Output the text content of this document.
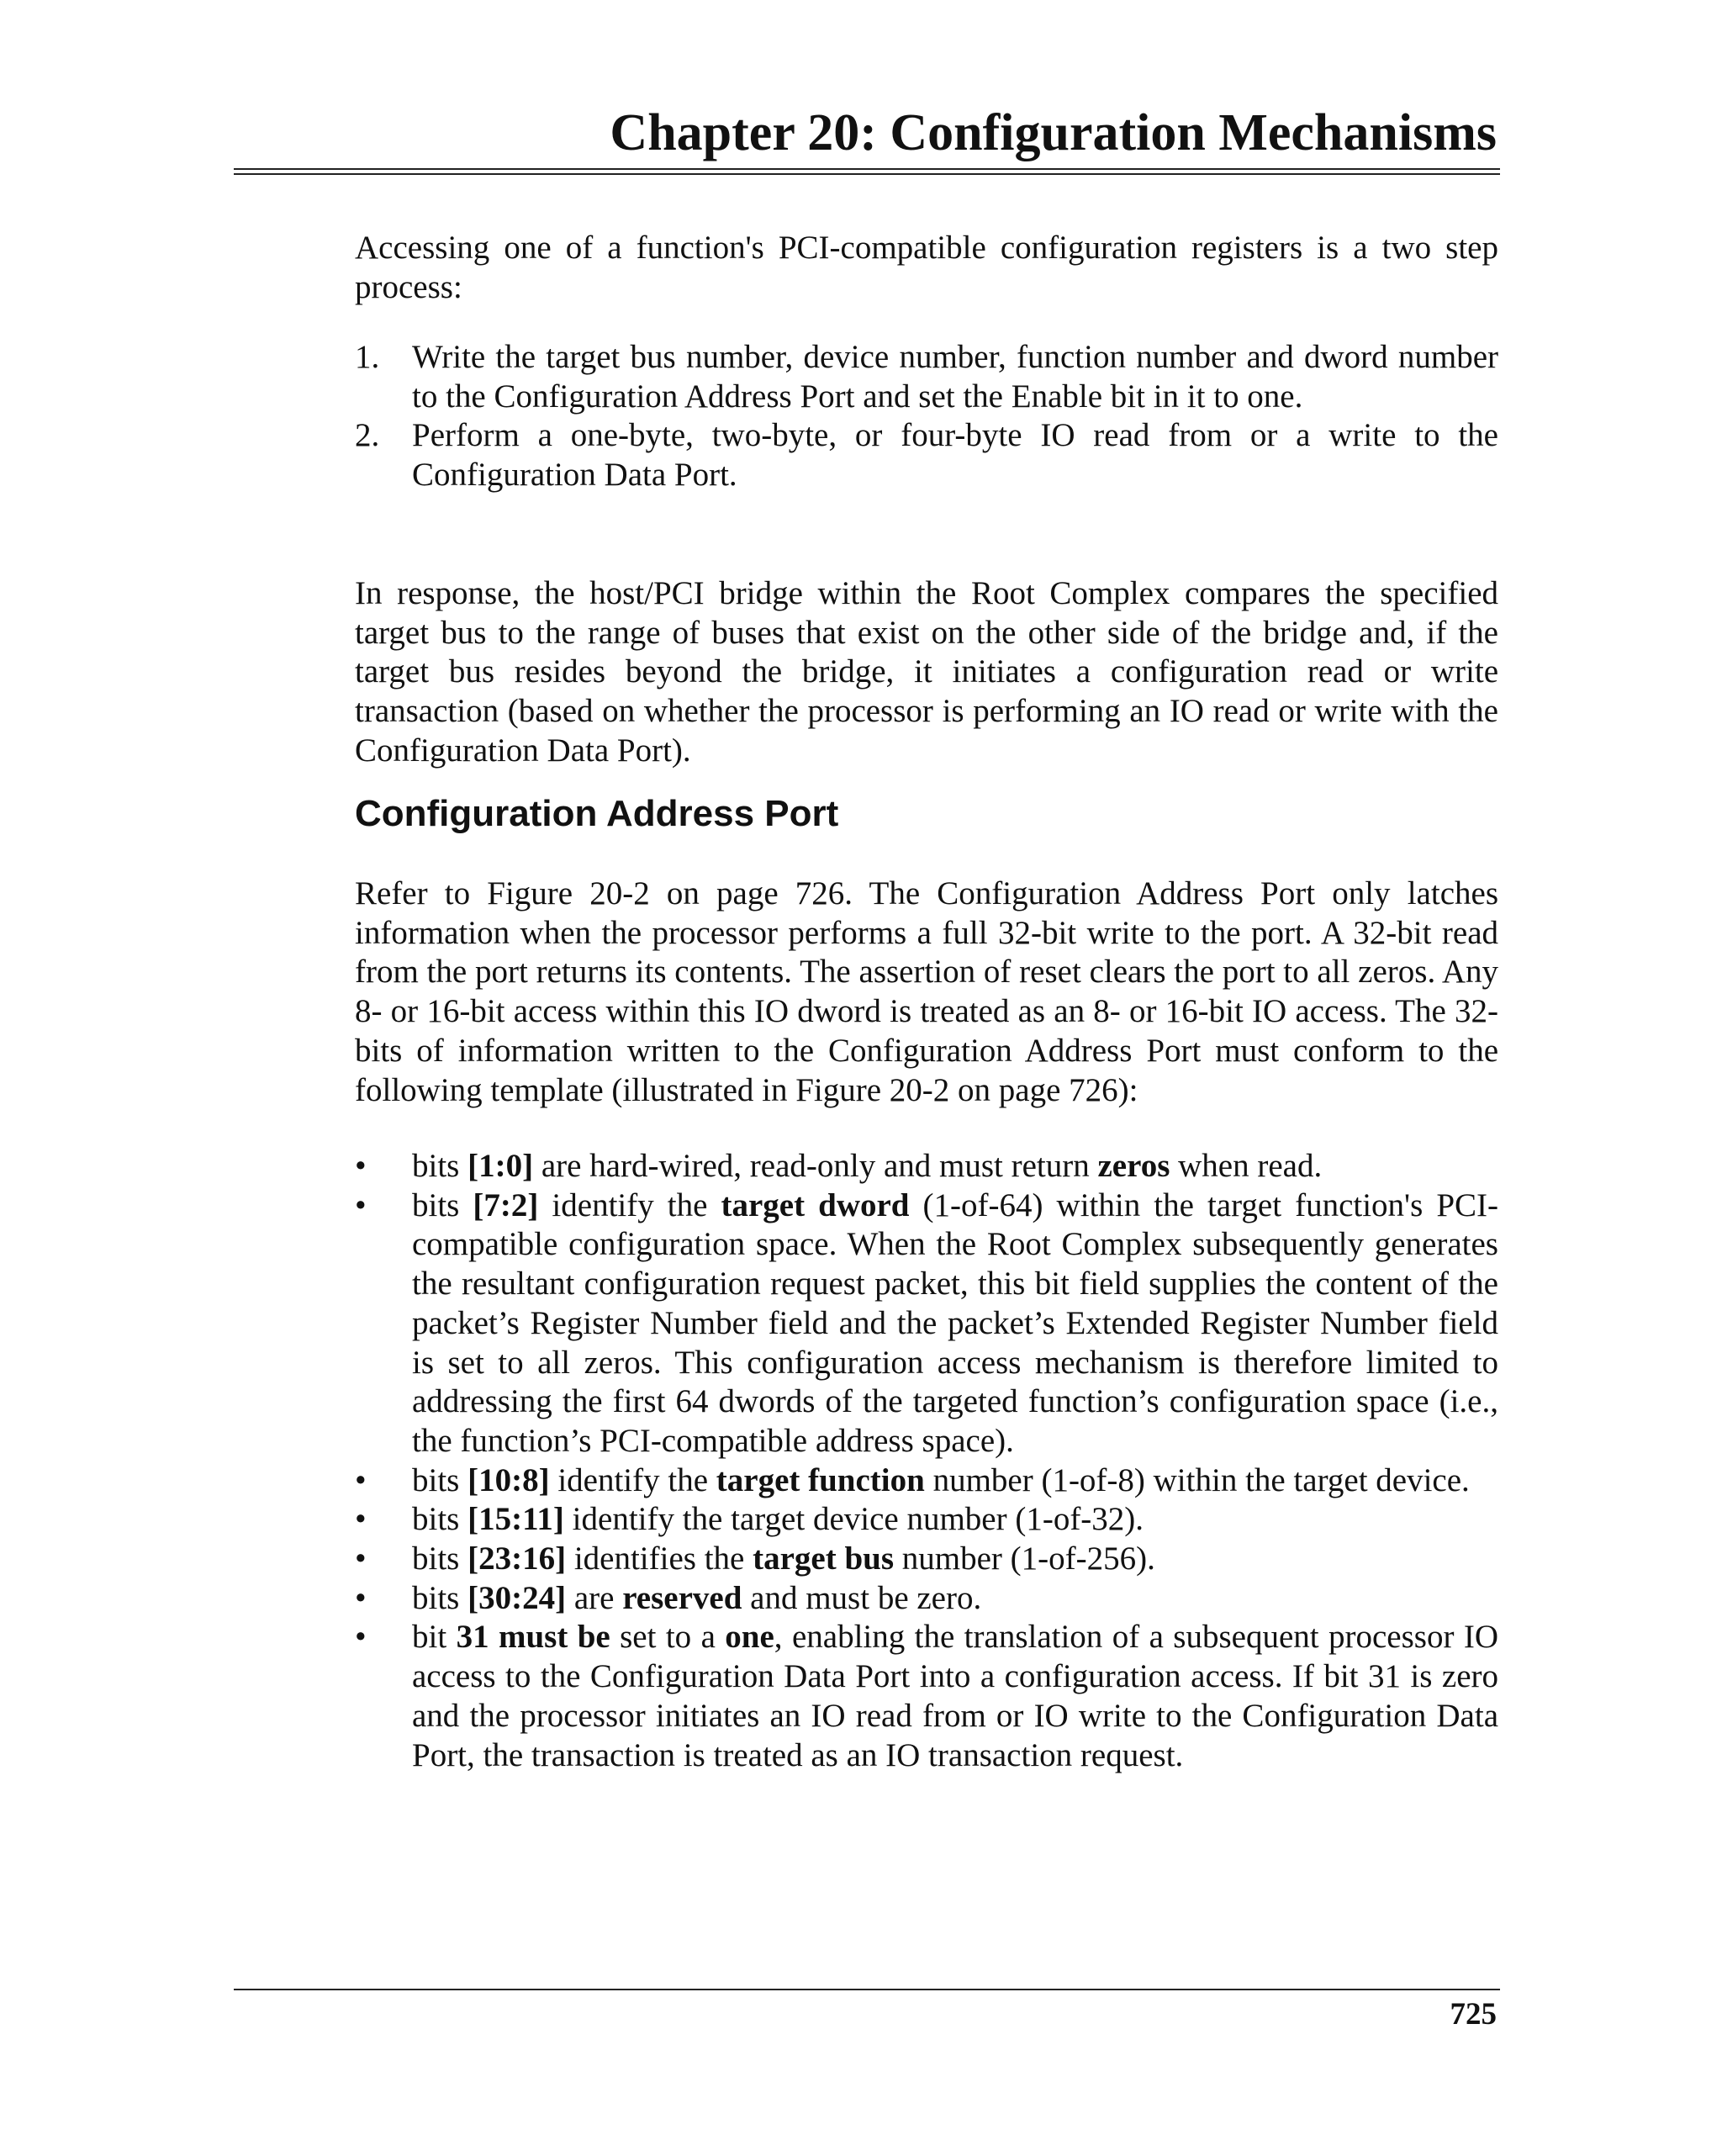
Chapter 20: Configuration Mechanisms

Accessing one of a function's PCI-compatible configuration registers is a two step process:

1. Write the target bus number, device number, function number and dword number to the Configuration Address Port and set the Enable bit in it to one.
2. Perform a one-byte, two-byte, or four-byte IO read from or a write to the Configuration Data Port.

In response, the host/PCI bridge within the Root Complex compares the specified target bus to the range of buses that exist on the other side of the bridge and, if the target bus resides beyond the bridge, it initiates a configuration read or write transaction (based on whether the processor is performing an IO read or write with the Configuration Data Port).

Configuration Address Port

Refer to Figure 20-2 on page 726. The Configuration Address Port only latches information when the processor performs a full 32-bit write to the port. A 32-bit read from the port returns its contents. The assertion of reset clears the port to all zeros. Any 8- or 16-bit access within this IO dword is treated as an 8- or 16-bit IO access. The 32-bits of information written to the Configuration Address Port must conform to the following template (illustrated in Figure 20-2 on page 726):

• bits [1:0] are hard-wired, read-only and must return zeros when read.
• bits [7:2] identify the target dword (1-of-64) within the target function's PCI-compatible configuration space. When the Root Complex subsequently generates the resultant configuration request packet, this bit field supplies the content of the packet’s Register Number field and the packet’s Extended Register Number field is set to all zeros. This configuration access mechanism is therefore limited to addressing the first 64 dwords of the targeted function’s configuration space (i.e., the function’s PCI-compatible address space).
• bits [10:8] identify the target function number (1-of-8) within the target device.
• bits [15:11] identify the target device number (1-of-32).
• bits [23:16] identifies the target bus number (1-of-256).
• bits [30:24] are reserved and must be zero.
• bit 31 must be set to a one, enabling the translation of a subsequent processor IO access to the Configuration Data Port into a configuration access. If bit 31 is zero and the processor initiates an IO read from or IO write to the Configuration Data Port, the transaction is treated as an IO transaction request.
725
